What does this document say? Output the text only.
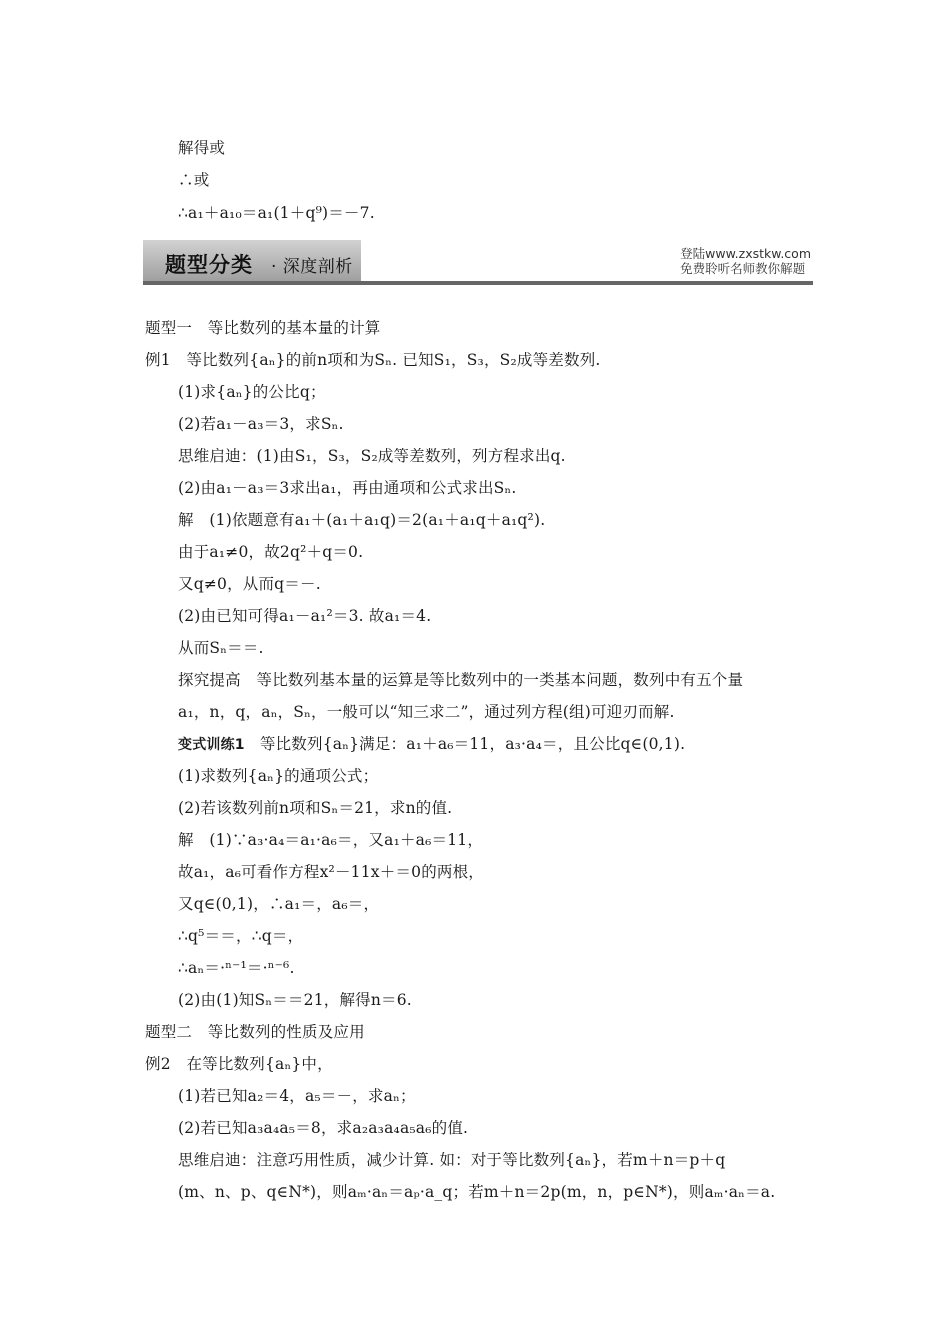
解得或
∴或
∴a₁＋a₁₀＝a₁(1＋q⁹)＝－7.
题型分类 · 深度剖析
登陆www.zxstkw.com
免费聆听名师教你解题
题型一　等比数列的基本量的计算
例1　等比数列{aₙ}的前n项和为Sₙ. 已知S₁，S₃，S₂成等差数列.
(1)求{aₙ}的公比q；
(2)若a₁－a₃＝3，求Sₙ.
思维启迪：(1)由S₁，S₃，S₂成等差数列，列方程求出q.
(2)由a₁－a₃＝3求出a₁，再由通项和公式求出Sₙ.
解　(1)依题意有a₁＋(a₁＋a₁q)＝2(a₁＋a₁q＋a₁q²).
由于a₁≠0，故2q²＋q＝0.
又q≠0，从而q＝－.
(2)由已知可得a₁－a₁²＝3. 故a₁＝4.
从而Sₙ＝＝.
探究提高　等比数列基本量的运算是等比数列中的一类基本问题，数列中有五个量
a₁，n，q，aₙ，Sₙ，一般可以“知三求二”，通过列方程(组)可迎刃而解.
变式训练1 等比数列{aₙ}满足：a₁＋a₆＝11，a₃·a₄＝，且公比q∈(0,1).
(1)求数列{aₙ}的通项公式；
(2)若该数列前n项和Sₙ＝21，求n的值.
解　(1)∵a₃·a₄＝a₁·a₆＝，又a₁＋a₆＝11，
故a₁，a₆可看作方程x²－11x＋＝0的两根，
又q∈(0,1)，∴a₁＝，a₆＝，
∴q⁵＝＝，∴q＝，
∴aₙ＝·ⁿ⁻¹＝·ⁿ⁻⁶.
(2)由(1)知Sₙ＝＝21，解得n＝6.
题型二　等比数列的性质及应用
例2　在等比数列{aₙ}中，
(1)若已知a₂＝4，a₅＝－，求aₙ；
(2)若已知a₃a₄a₅＝8，求a₂a₃a₄a₅a₆的值.
思维启迪：注意巧用性质，减少计算. 如：对于等比数列{aₙ}，若m＋n＝p＋q
(m、n、p、q∈N*)，则aₘ·aₙ＝aₚ·a_q；若m＋n＝2p(m，n，p∈N*)，则aₘ·aₙ＝a.
